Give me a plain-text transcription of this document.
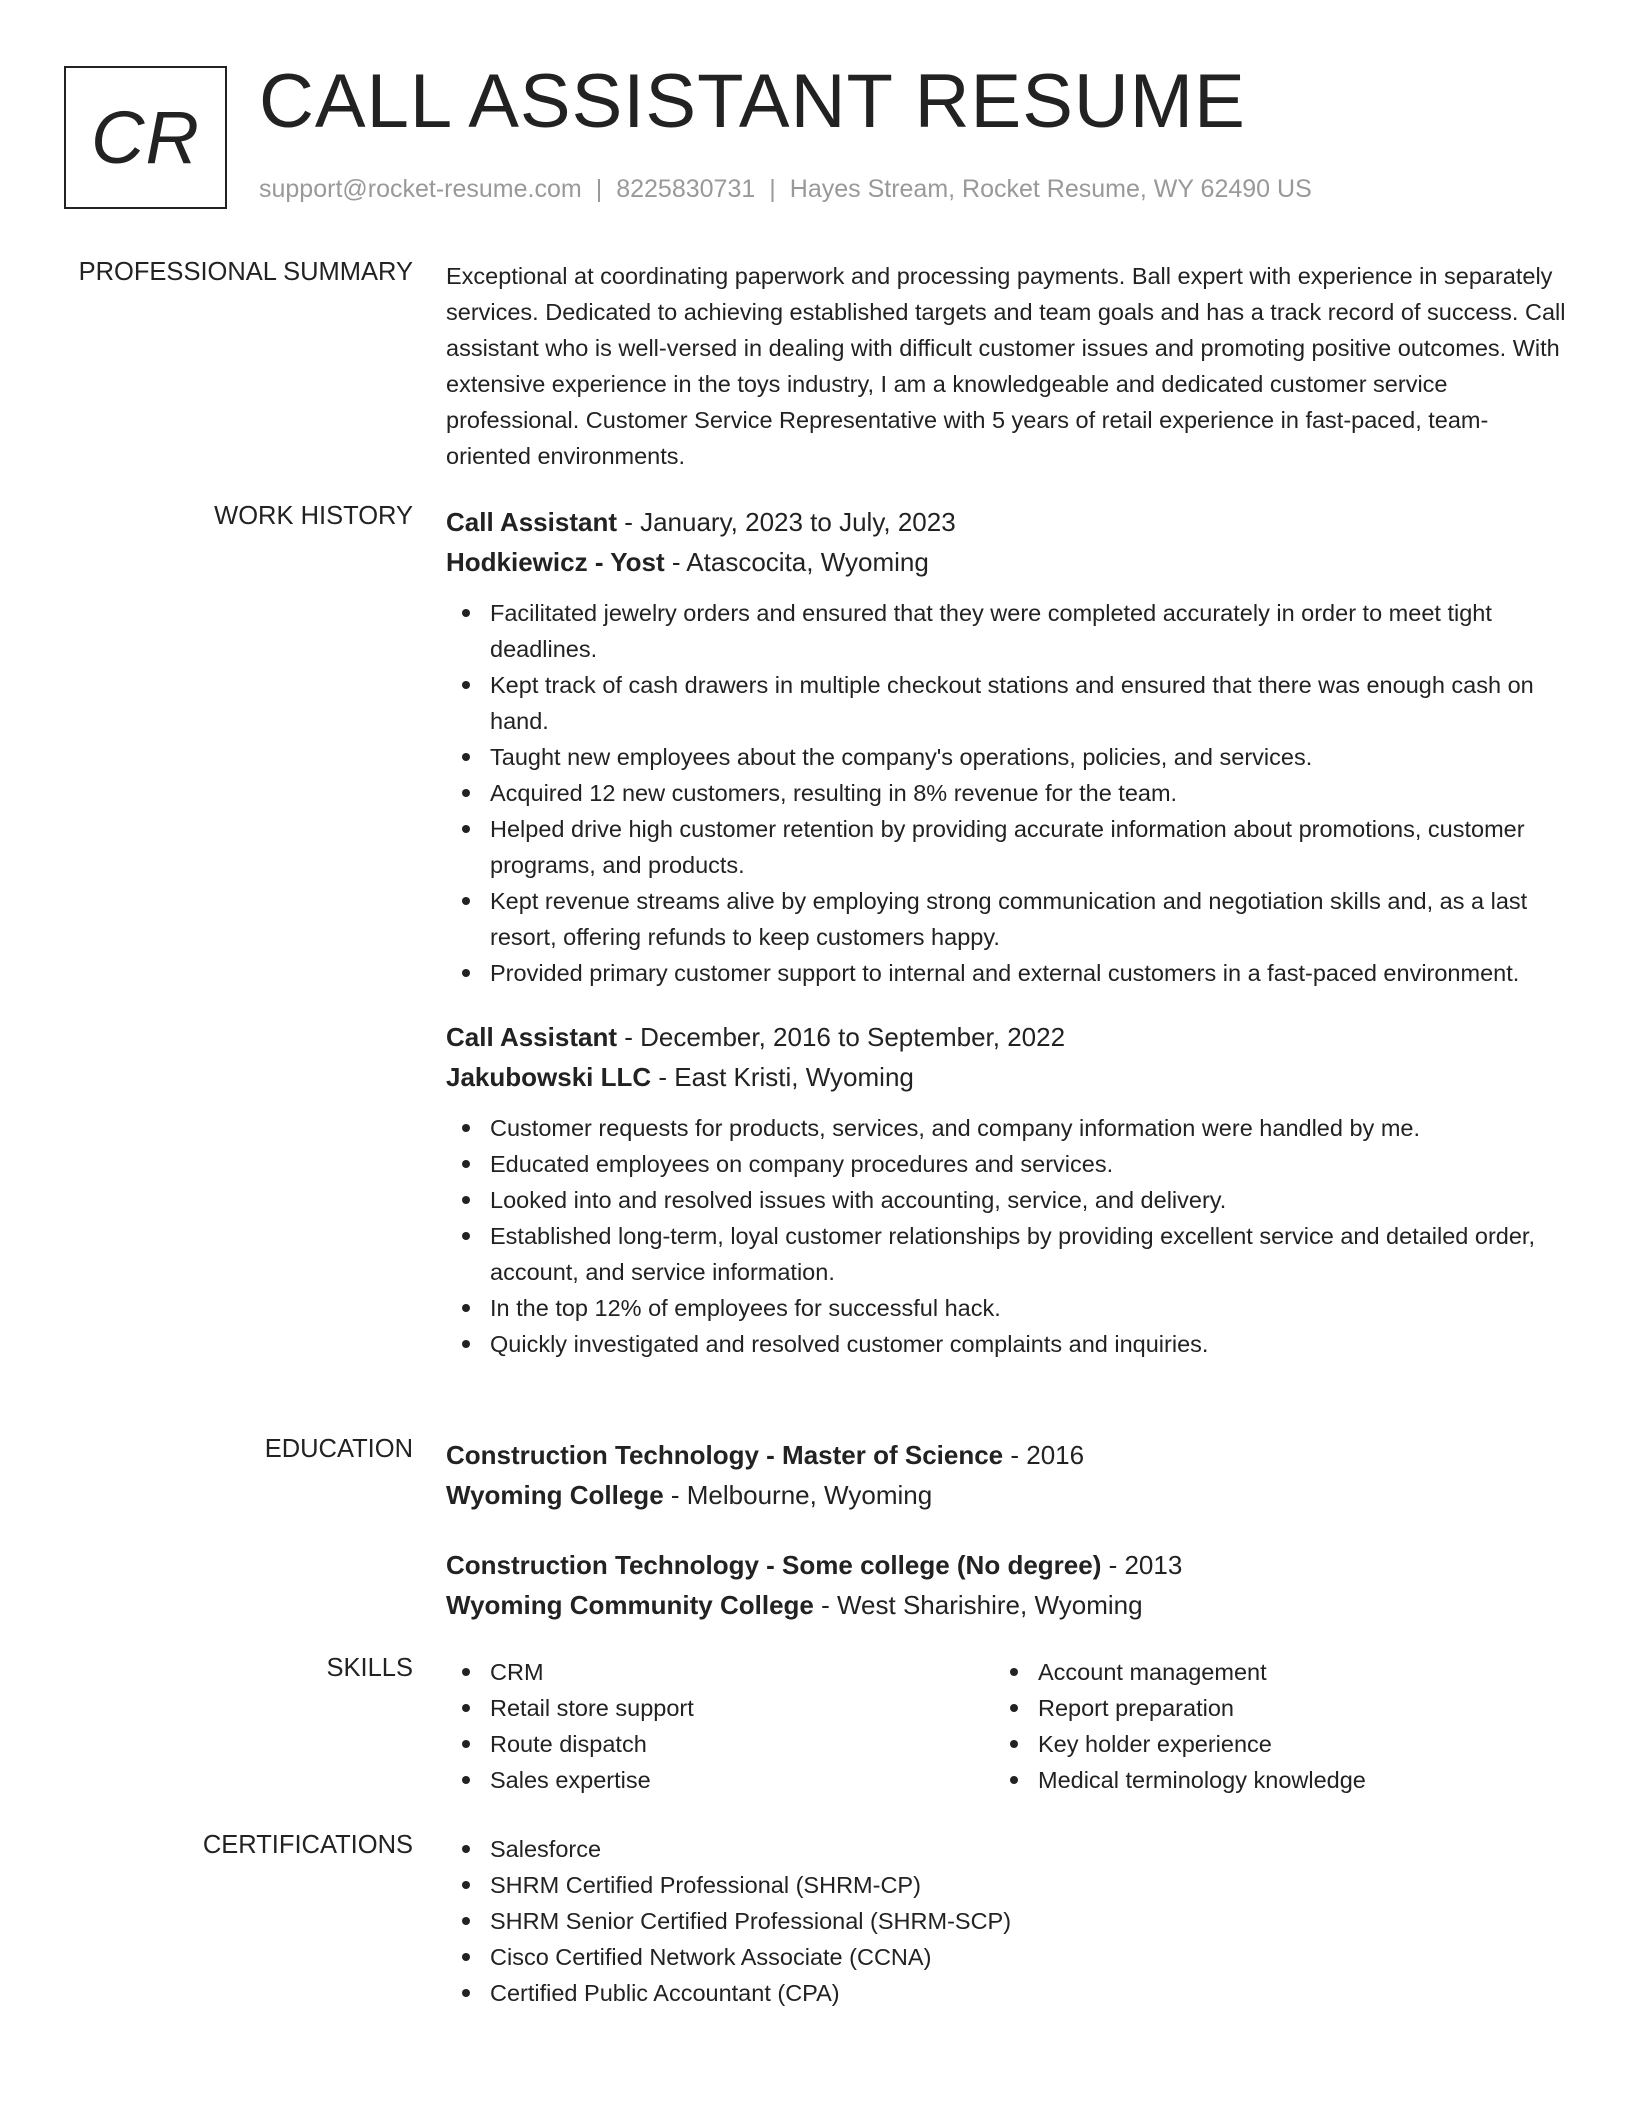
CR CALL ASSISTANT RESUME
support@rocket-resume.com | 8225830731 | Hayes Stream, Rocket Resume, WY 62490 US
PROFESSIONAL SUMMARY Exceptional at coordinating paperwork and processing payments. Ball expert with experience in separately services. Dedicated to achieving established targets and team goals and has a track record of success. Call assistant who is well-versed in dealing with difficult customer issues and promoting positive outcomes. With extensive experience in the toys industry, I am a knowledgeable and dedicated customer service professional. Customer Service Representative with 5 years of retail experience in fast-paced, team-oriented environments.
WORK HISTORY Call Assistant - January, 2023 to July, 2023
Hodkiewicz - Yost - Atascocita, Wyoming
Facilitated jewelry orders and ensured that they were completed accurately in order to meet tight deadlines.
Kept track of cash drawers in multiple checkout stations and ensured that there was enough cash on hand.
Taught new employees about the company's operations, policies, and services.
Acquired 12 new customers, resulting in 8% revenue for the team.
Helped drive high customer retention by providing accurate information about promotions, customer programs, and products.
Kept revenue streams alive by employing strong communication and negotiation skills and, as a last resort, offering refunds to keep customers happy.
Provided primary customer support to internal and external customers in a fast-paced environment.
Call Assistant - December, 2016 to September, 2022
Jakubowski LLC - East Kristi, Wyoming
Customer requests for products, services, and company information were handled by me.
Educated employees on company procedures and services.
Looked into and resolved issues with accounting, service, and delivery.
Established long-term, loyal customer relationships by providing excellent service and detailed order, account, and service information.
In the top 12% of employees for successful hack.
Quickly investigated and resolved customer complaints and inquiries.
EDUCATION Construction Technology - Master of Science - 2016
Wyoming College - Melbourne, Wyoming
Construction Technology - Some college (No degree) - 2013
Wyoming Community College - West Sharishire, Wyoming
SKILLS	CRM
Retail store support
Route dispatch
Sales expertise
Account management
Report preparation
Key holder experience
Medical terminology knowledge
CERTIFICATIONS	Salesforce
SHRM Certified Professional (SHRM-CP)
SHRM Senior Certified Professional (SHRM-SCP)
Cisco Certified Network Associate (CCNA)
Certified Public Accountant (CPA)
